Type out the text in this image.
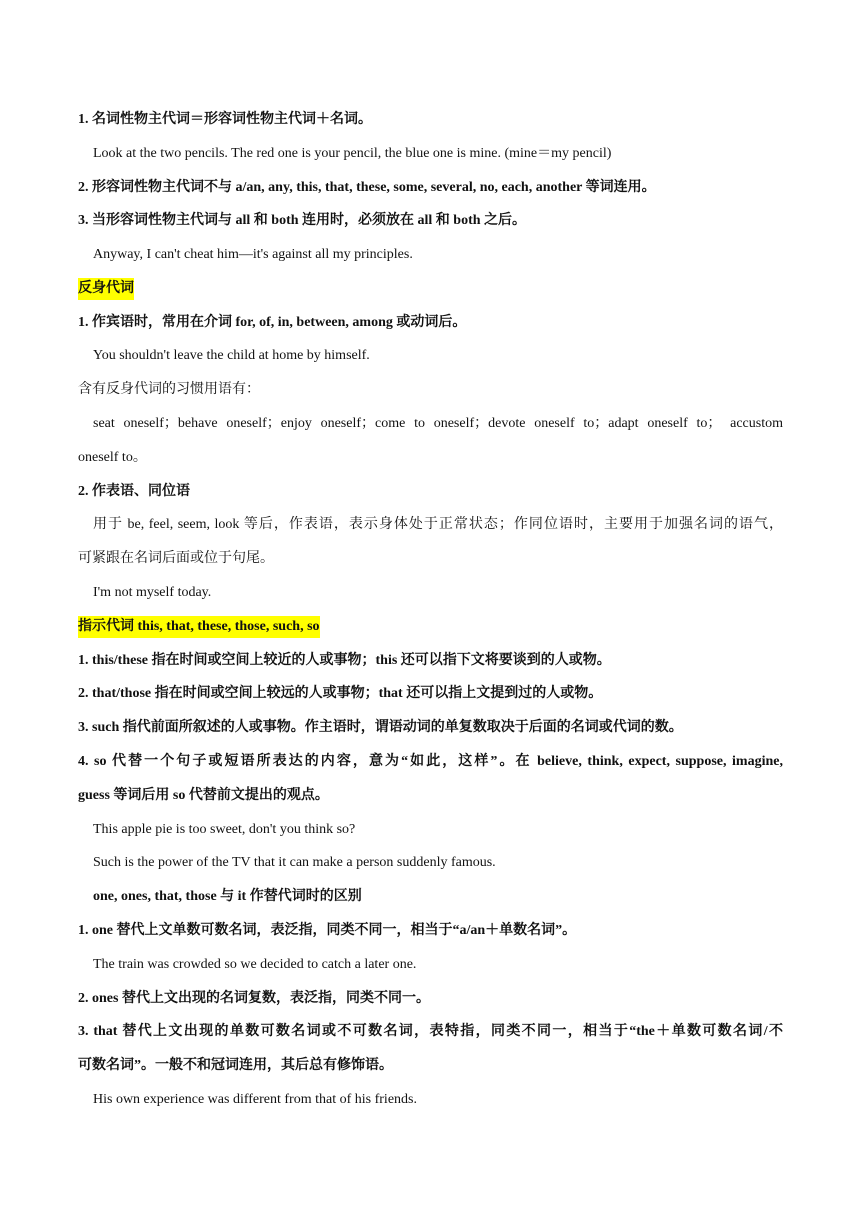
1. 名词性物主代词＝形容词性物主代词＋名词。
Look at the two pencils. The red one is your pencil, the blue one is mine. (mine＝my pencil)
2. 形容词性物主代词不与 a/an, any, this, that, these, some, several, no, each, another 等词连用。
3. 当形容词性物主代词与 all 和 both 连用时，必须放在 all 和 both 之后。
Anyway, I can't cheat him—it's against all my principles.
反身代词
1. 作宾语时，常用在介词 for, of, in, between, among 或动词后。
You shouldn't leave the child at home by himself.
含有反身代词的习惯用语有：
seat oneself；behave oneself；enjoy oneself；come to oneself；devote oneself to；adapt oneself to； accustom
oneself to。
2. 作表语、同位语
用于 be, feel, seem, look 等后，作表语，表示身体处于正常状态；作同位语时，主要用于加强名词的语气，
可紧跟在名词后面或位于句尾。
I'm not myself today.
指示代词 this, that, these, those, such, so
1. this/these 指在时间或空间上较近的人或事物；this 还可以指下文将要谈到的人或物。
2. that/those 指在时间或空间上较远的人或事物；that 还可以指上文提到过的人或物。
3. such 指代前面所叙述的人或事物。作主语时，谓语动词的单复数取决于后面的名词或代词的数。
4. so 代替一个句子或短语所表达的内容，意为“如此，这样”。在 believe, think, expect, suppose, imagine,
guess 等词后用 so 代替前文提出的观点。
This apple pie is too sweet, don't you think so?
Such is the power of the TV that it can make a person suddenly famous.
one, ones, that, those 与 it 作替代词时的区别
1. one 替代上文单数可数名词，表泛指，同类不同一，相当于“a/an＋单数名词”。
The train was crowded so we decided to catch a later one.
2. ones 替代上文出现的名词复数，表泛指，同类不同一。
3. that 替代上文出现的单数可数名词或不可数名词，表特指，同类不同一，相当于“the＋单数可数名词/不
可数名词”。一般不和冠词连用，其后总有修饰语。
His own experience was different from that of his friends.
